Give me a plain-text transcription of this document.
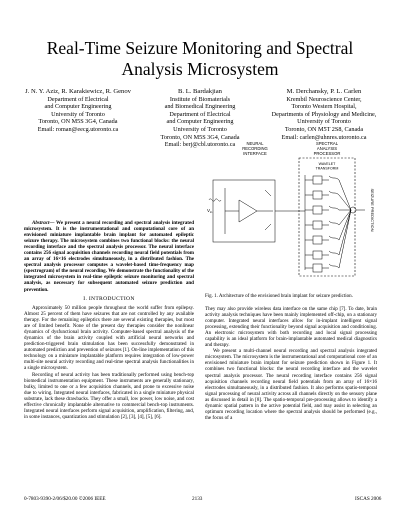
Real-Time Seizure Monitoring and Spectral
Analysis Microsystem
J. N. Y. Aziz, R. Karakiewicz, R. Genov
Department of Electrical
and Computer Engineering
University of Toronto
Toronto, ON M5S 3G4, Canada
Email: roman@eecg.utoronto.ca
B. L. Bardakjian
Institute of Biomaterials
and Biomedical Engineering
Department of Electrical
and Computer Engineering
University of Toronto
Toronto, ON M5S 3G4, Canada
Email: berj@cbl.utoronto.ca
M. Derchansky, P. L. Carlen
Krembil Neuroscience Center,
Toronto Western Hospital,
Departments of Physiology and Medicine,
University of Toronto
Toronto, ON M5T 2S8, Canada
Email: carlen@uhnres.utoronto.ca

Abstract— We present a neural recording and spectral analysis integrated microsystem. It is the instrumentational and computational core of an envisioned miniature implantable brain implant for automated epileptic seizure therapy. The microsystem combines two functional blocks: the neural recording interface and the spectral analysis processor. The neural interface contains 256 signal acquisition channels recording neural field potentials from an array of 16×16 electrodes simultaneously, in a distributed fashion. The spectral analysis processor computes a wavelet-based time-frequency map (spectrogram) of the neural recording. We demonstrate the functionality of the integrated microsystem in real-time epileptic seizure monitoring and spectral analysis, as necessary for subsequent automated seizure prediction and prevention.

I. INTRODUCTION

Approximately 50 million people throughout the world suffer from epilepsy. Almost 25 percent of them have seizures that are not controlled by any available therapy. For the remaining epileptics there are several existing therapies, but most are of limited benefit. None of the present day therapies consider the nonlinear dynamics of dysfunctional brain activity. Computer-based spectral analysis of the dynamics of the brain activity coupled with artificial neural networks and prediction-triggered brain stimulation has been successfully demonstrated in automated prediction and prevention of seizures [1]. On-line implementation of this technology on a miniature implantable platform requires integration of low-power multi-site neural activity recording and real-time spectral analysis functionalities in a single microsystem.

Recording of neural activity has been traditionally performed using bench-top biomedical instrumentation equipment. These instruments are generally stationary, bulky, limited to one or a few acquisition channels, and prone to excessive noise due to wiring. Integrated neural interfaces, fabricated in a single miniature physical substrate, lack these drawbacks. They offer a small, low power, low noise, and cost effective chronically implantable alternative to commercial bench-top instruments. Integrated neural interfaces perform signal acquisition, amplification, filtering, and, in some instances, quantization and stimulation [2], [3], [4], [5], [6].

NEURAL
RECORDING
INTERFACE
SPECTRAL
ANALYSIS
PROCESSOR
WAVELET
TRANSFORM
$V_{in}$	SEIZURE PREDICTION
Fig. 1. Architecture of the envisioned brain implant for seizure prediction.

They may also provide wireless data interface on the same chip [7]. To date, brain activity analysis techniques have been mainly implemented off-chip, on a stationary computer. Integrated neural interfaces allow for in-implant intelligent signal processing, extending their functionality beyond signal acquisition and conditioning. An electronic microsystem with both recording and local signal processing capability is an ideal platform for brain-implantable automated medical diagnostics and therapy.

We present a multi-channel neural recording and spectral analysis integrated microsystem. The microsystem is the instrumentational and computational core of an envisioned miniature brain implant for seizure prediction shown in Figure 1. It combines two functional blocks: the neural recording interface and the wavelet spectral analysis processor. The neural recording interface contains 256 signal acquisition channels recording neural field potentials from an array of 16×16 electrodes simultaneously, in a distributed fashion. It also performs spatio-temporal signal processing of neural activity across all channels directly on the sensory plane as discussed in detail in [8]. The spatio-temporal pre-processing allows to identify a dynamic spatial pattern in the active potential field, and may assist in selecting an optimum recording location where the spectral analysis should be performed (e.g., the focus of a

0-7803-9390-2/06/$20.00 ©2006 IEEE	2133	ISCAS 2006
